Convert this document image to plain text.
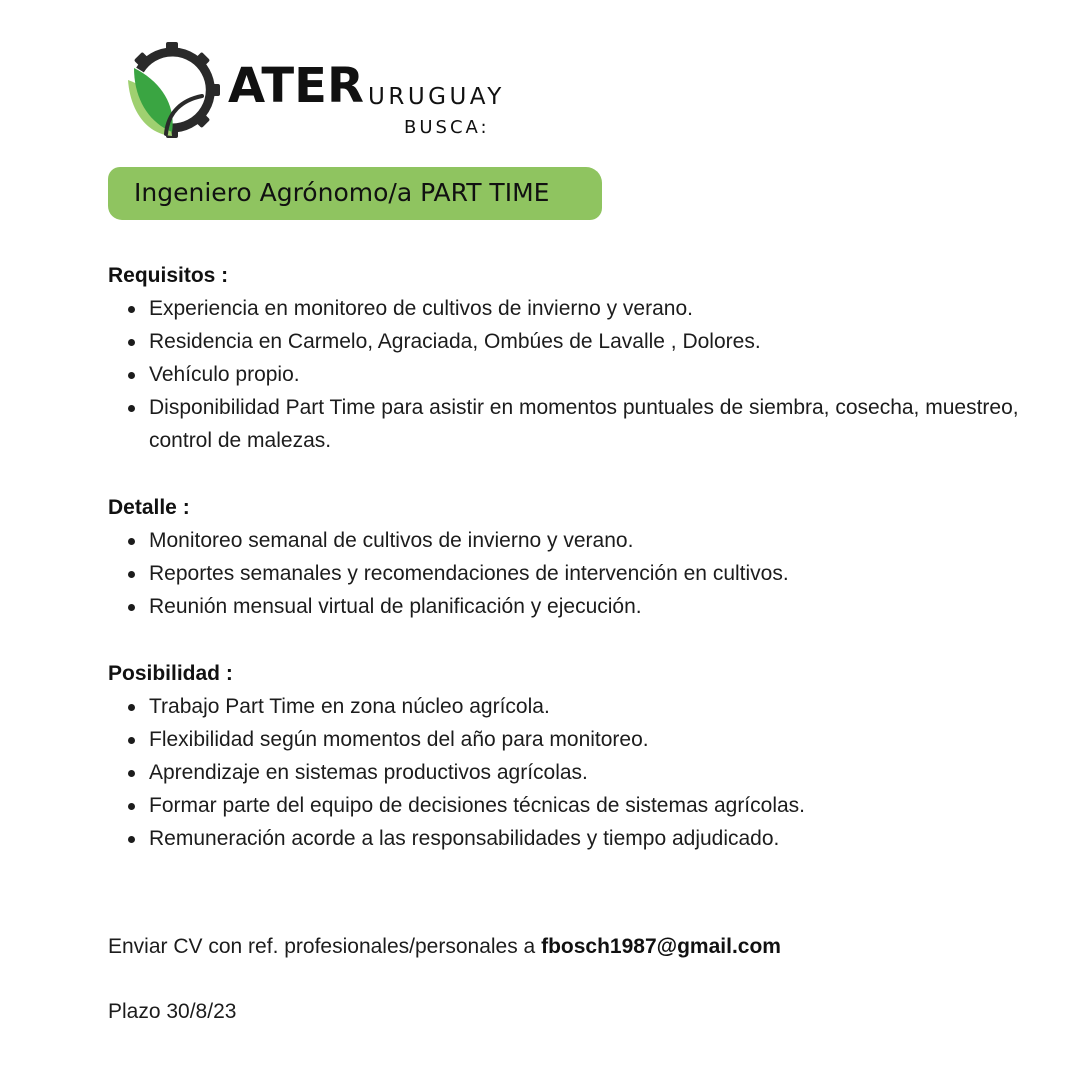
ATER URUGUAY
BUSCA:
Ingeniero Agrónomo/a PART TIME
Requisitos :
Experiencia en monitoreo de cultivos de invierno y verano.
Residencia en Carmelo, Agraciada, Ombúes de Lavalle , Dolores.
Vehículo propio.
Disponibilidad Part Time para asistir en momentos puntuales de siembra, cosecha, muestreo, control de malezas.
Detalle :
Monitoreo semanal de cultivos de invierno y verano.
Reportes semanales y recomendaciones de intervención en cultivos.
Reunión mensual virtual de planificación y ejecución.
Posibilidad :
Trabajo Part Time en zona núcleo agrícola.
Flexibilidad según momentos del año para monitoreo.
Aprendizaje en sistemas productivos agrícolas.
Formar parte del equipo de decisiones técnicas de sistemas agrícolas.
Remuneración acorde a las responsabilidades y tiempo adjudicado.
Enviar CV con ref. profesionales/personales a fbosch1987@gmail.com
Plazo 30/8/23
